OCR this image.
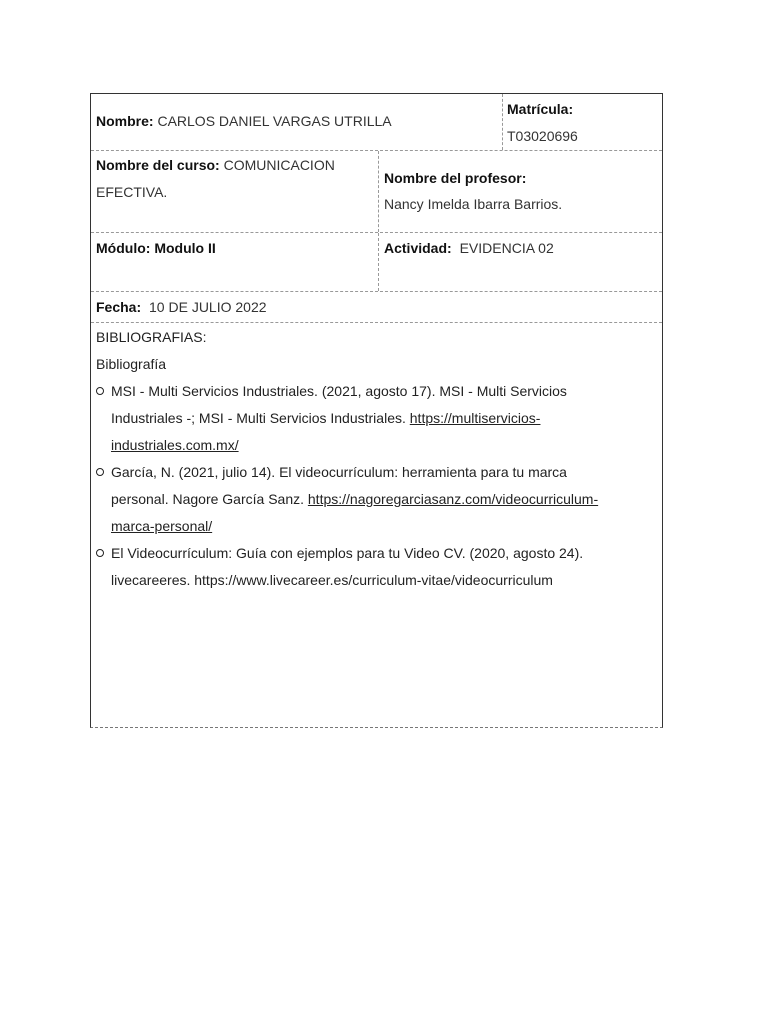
Nombre: CARLOS DANIEL VARGAS UTRILLA
Matrícula:
T03020696
Nombre del curso: COMUNICACION
EFECTIVA.
Nombre del profesor:
Nancy Imelda Ibarra Barrios.
Módulo: Modulo II	Actividad: EVIDENCIA 02
Fecha: 10 DE JULIO 2022
BIBLIOGRAFIAS:
Bibliografía
MSI - Multi Servicios Industriales. (2021, agosto 17). MSI - Multi Servicios
Industriales -; MSI - Multi Servicios Industriales. https://multiservicios-
industriales.com.mx/
García, N. (2021, julio 14). El videocurrículum: herramienta para tu marca
personal. Nagore García Sanz. https://nagoregarciasanz.com/videocurriculum-
marca-personal/
El Videocurrículum: Guía con ejemplos para tu Video CV. (2020, agosto 24).
livecareeres. https://www.livecareer.es/curriculum-vitae/videocurriculum
